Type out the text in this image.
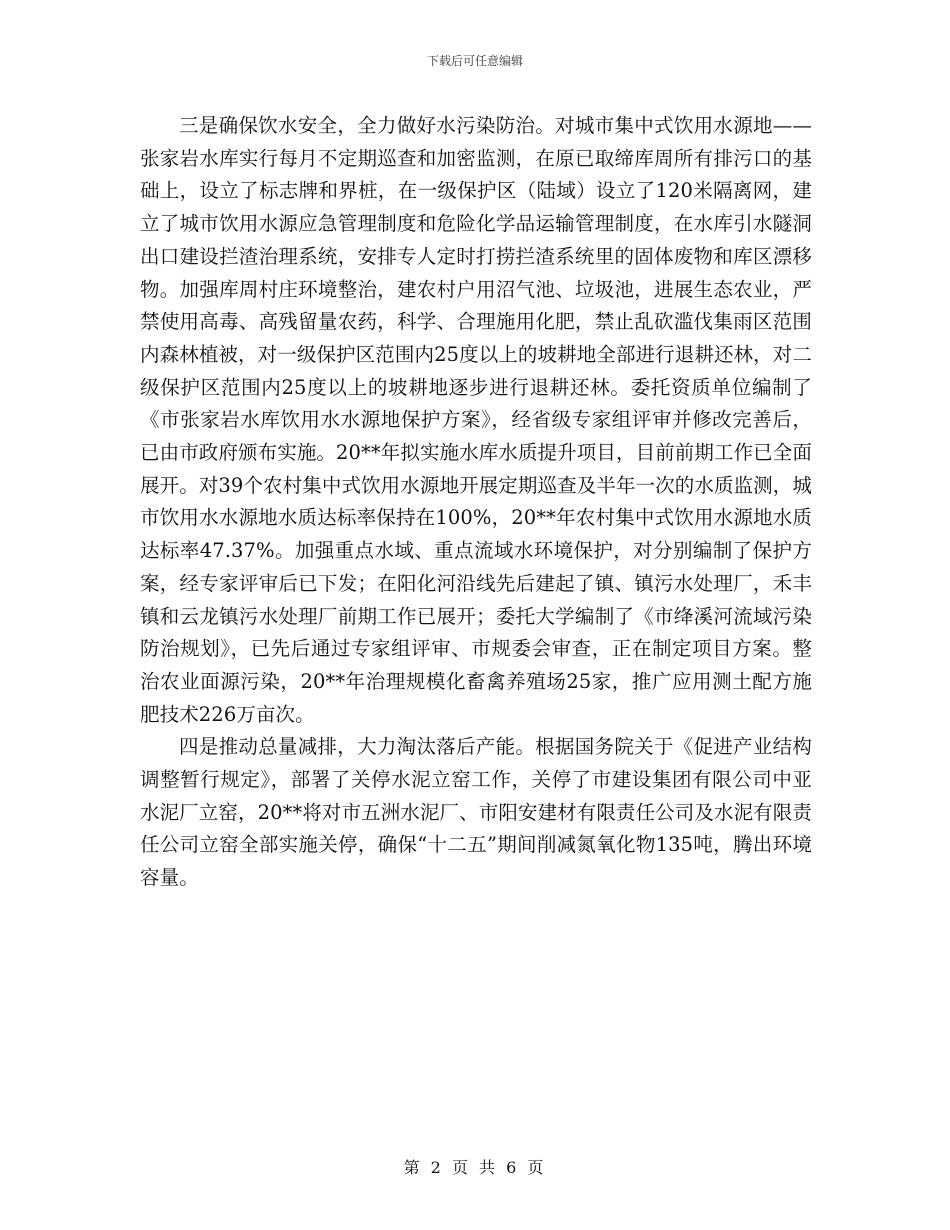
下载后可任意编辑

三是确保饮水安全，全力做好水污染防治。对城市集中式饮用水源地——张家岩水库实行每月不定期巡查和加密监测，在原已取缔库周所有排污口的基础上，设立了标志牌和界桩，在一级保护区（陆域）设立了120米隔离网，建立了城市饮用水源应急管理制度和危险化学品运输管理制度，在水库引水隧洞出口建设拦渣治理系统，安排专人定时打捞拦渣系统里的固体废物和库区漂移物。加强库周村庄环境整治，建农村户用沼气池、垃圾池，进展生态农业，严禁使用高毒、高残留量农药，科学、合理施用化肥，禁止乱砍滥伐集雨区范围内森林植被，对一级保护区范围内25度以上的坡耕地全部进行退耕还林，对二级保护区范围内25度以上的坡耕地逐步进行退耕还林。委托资质单位编制了《市张家岩水库饮用水水源地保护方案》，经省级专家组评审并修改完善后，已由市政府颁布实施。20**年拟实施水库水质提升项目，目前前期工作已全面展开。对39个农村集中式饮用水源地开展定期巡查及半年一次的水质监测，城市饮用水水源地水质达标率保持在100%，20**年农村集中式饮用水源地水质达标率47.37%。加强重点水域、重点流域水环境保护，对分别编制了保护方案，经专家评审后已下发；在阳化河沿线先后建起了镇、镇污水处理厂，禾丰镇和云龙镇污水处理厂前期工作已展开；委托大学编制了《市绛溪河流域污染防治规划》，已先后通过专家组评审、市规委会审查，正在制定项目方案。整治农业面源污染，20**年治理规模化畜禽养殖场25家，推广应用测土配方施肥技术226万亩次。

四是推动总量减排，大力淘汰落后产能。根据国务院关于《促进产业结构调整暂行规定》，部署了关停水泥立窑工作，关停了市建设集团有限公司中亚水泥厂立窑，20**将对市五洲水泥厂、市阳安建材有限责任公司及水泥有限责任公司立窑全部实施关停，确保“十二五”期间削减氮氧化物135吨，腾出环境容量。

第 2 页 共 6 页
